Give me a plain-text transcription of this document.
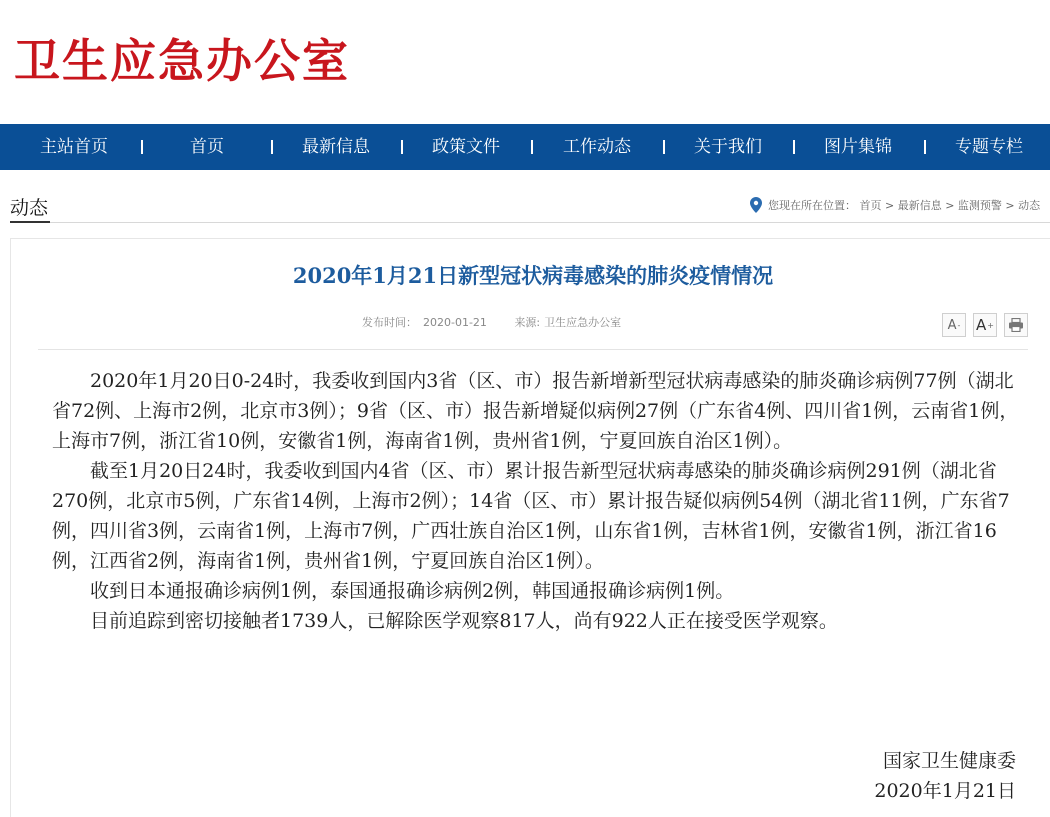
卫生应急办公室
主站首页	首页	最新信息	政策文件	工作动态	关于我们	图片集锦	专题专栏
动态	您现在所在位置： 首页 > 最新信息 > 监测预警 > 动态
2020年1月21日新型冠状病毒感染的肺炎疫情情况
发布时间： 2020-01-21	来源: 卫生应急办公室	A - A +

2020年1月20日0-24时，我委收到国内3省（区、市）报告新增新型冠状病毒感染的肺炎确诊病例77例（湖北省72例、上海市2例，北京市3例）；9省（区、市）报告新增疑似病例27例（广东省4例、四川省1例，云南省1例，上海市7例，浙江省10例，安徽省1例，海南省1例，贵州省1例，宁夏回族自治区1例）。

截至1月20日24时，我委收到国内4省（区、市）累计报告新型冠状病毒感染的肺炎确诊病例291例（湖北省270例，北京市5例，广东省14例，上海市2例）；14省（区、市）累计报告疑似病例54例（湖北省11例，广东省7例，四川省3例，云南省1例，上海市7例，广西壮族自治区1例，山东省1例，吉林省1例，安徽省1例，浙江省16例，江西省2例，海南省1例，贵州省1例，宁夏回族自治区1例）。

收到日本通报确诊病例1例，泰国通报确诊病例2例，韩国通报确诊病例1例。

目前追踪到密切接触者1739人，已解除医学观察817人，尚有922人正在接受医学观察。

国家卫生健康委
2020年1月21日
